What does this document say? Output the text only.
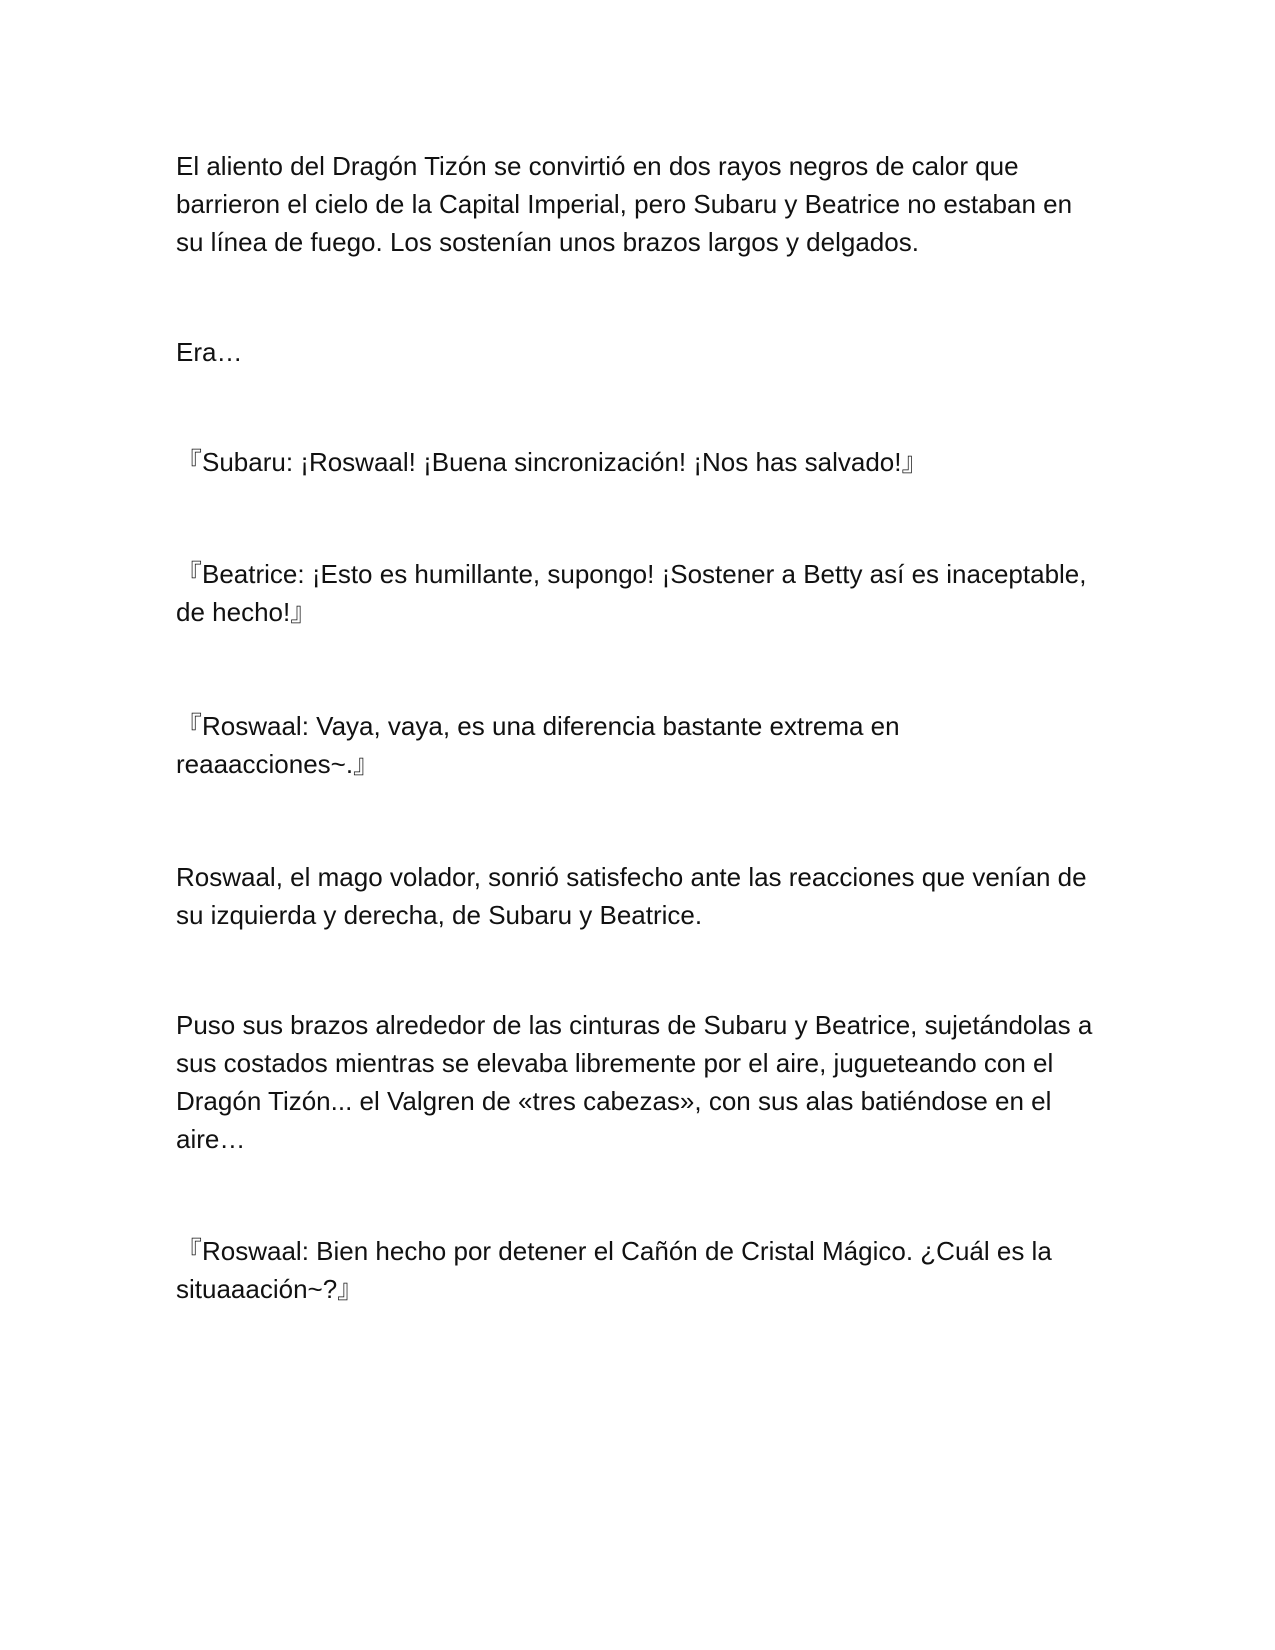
El aliento del Dragón Tizón se convirtió en dos rayos negros de calor que barrieron el cielo de la Capital Imperial, pero Subaru y Beatrice no estaban en su línea de fuego. Los sostenían unos brazos largos y delgados.

Era…

『Subaru: ¡Roswaal! ¡Buena sincronización! ¡Nos has salvado!』

『Beatrice: ¡Esto es humillante, supongo! ¡Sostener a Betty así es inaceptable, de hecho!』

『Roswaal: Vaya, vaya, es una diferencia bastante extrema en reaaacciones~.』

Roswaal, el mago volador, sonrió satisfecho ante las reacciones que venían de su izquierda y derecha, de Subaru y Beatrice.

Puso sus brazos alrededor de las cinturas de Subaru y Beatrice, sujetándolas a sus costados mientras se elevaba libremente por el aire, jugueteando con el Dragón Tizón... el Valgren de «tres cabezas», con sus alas batiéndose en el aire…

『Roswaal: Bien hecho por detener el Cañón de Cristal Mágico. ¿Cuál es la situaaación~?』
